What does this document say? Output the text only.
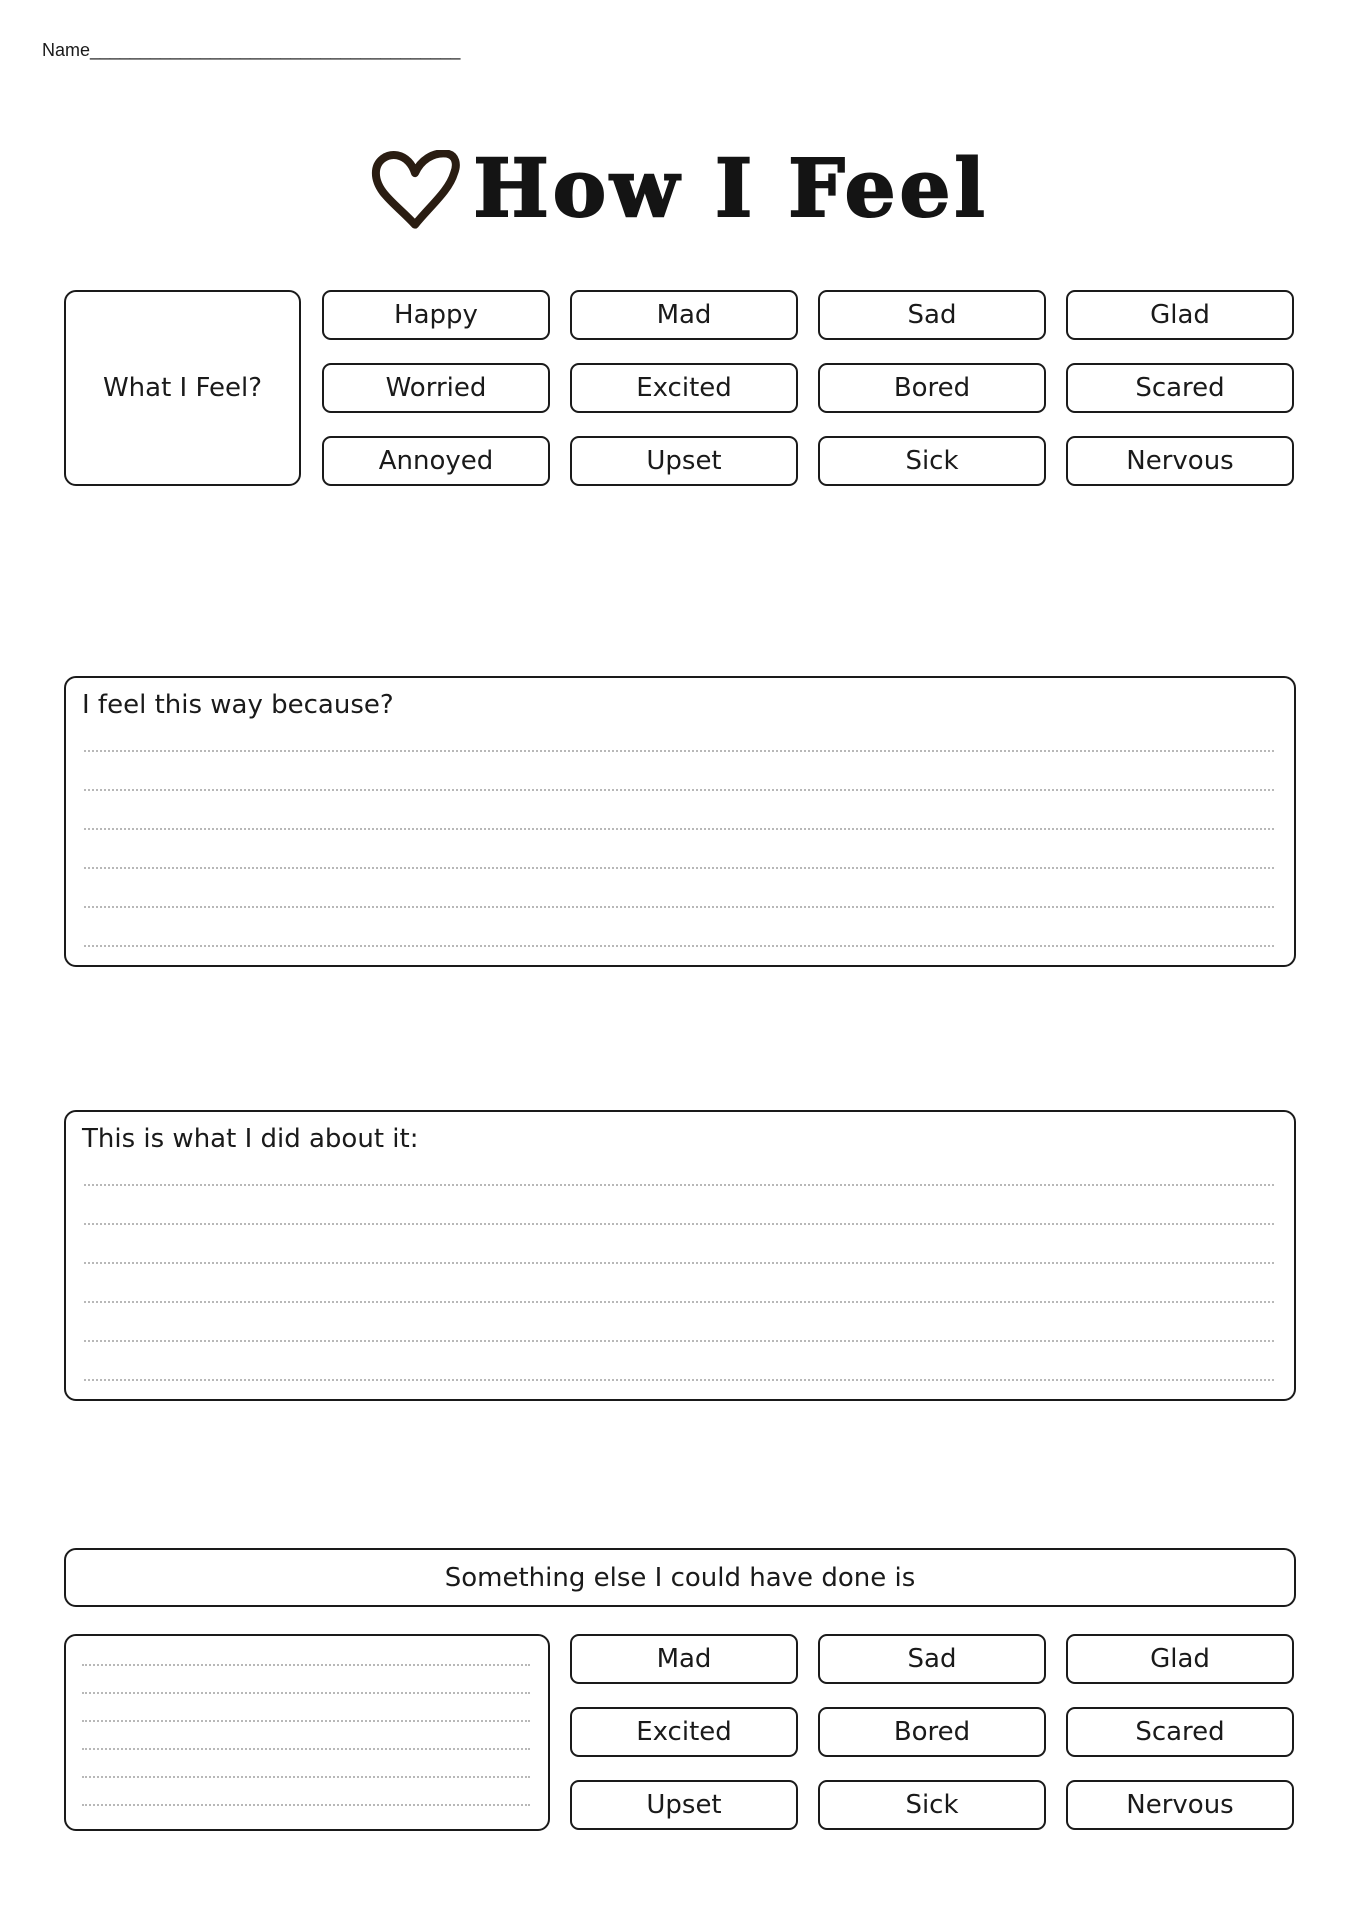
Name_____________________________________
How I Feel
What I Feel?
Happy	Mad	Sad	Glad
Worried	Excited	Bored	Scared
Annoyed	Upset	Sick	Nervous
I feel this way because?
This is what I did about it:
Something else I could have done is
Mad	Sad	Glad
Excited	Bored	Scared
Upset	Sick	Nervous
